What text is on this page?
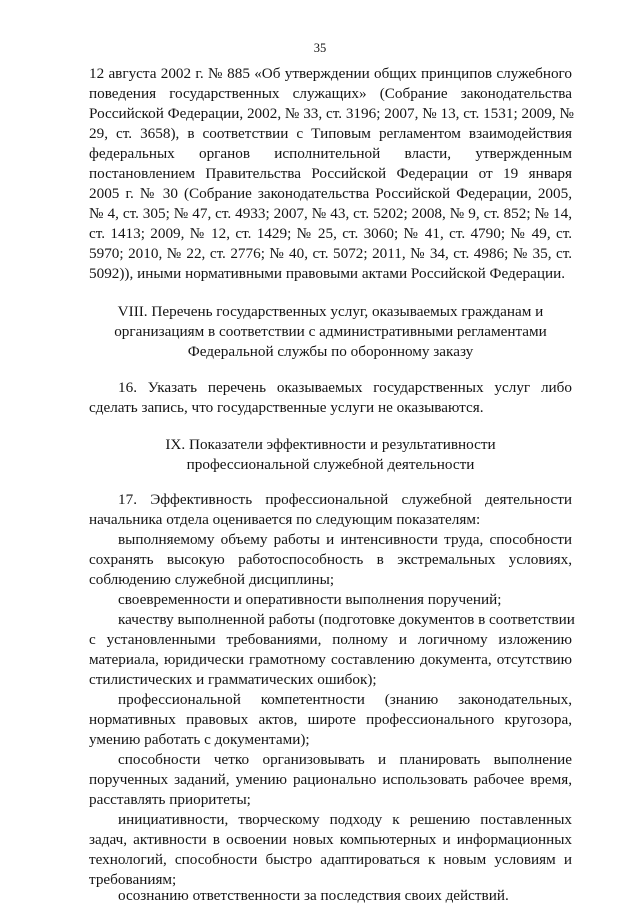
35
12 августа 2002 г. № 885 «Об утверждении общих принципов служебного
поведения государственных служащих» (Собрание законодательства
Российской Федерации, 2002, № 33, ст. 3196; 2007, № 13, ст. 1531; 2009, №
29, ст. 3658), в соответствии с Типовым регламентом взаимодействия
федеральных органов исполнительной власти, утвержденным
постановлением Правительства Российской Федерации от 19 января
2005 г. № 30 (Собрание законодательства Российской Федерации, 2005,
№ 4, ст. 305; № 47, ст. 4933; 2007, № 43, ст. 5202; 2008, № 9, ст. 852; № 14,
ст. 1413; 2009, № 12, ст. 1429; № 25, ст. 3060; № 41, ст. 4790; № 49, ст.
5970; 2010, № 22, ст. 2776; № 40, ст. 5072; 2011, № 34, ст. 4986; № 35, ст.
5092)), иными нормативными правовыми актами Российской Федерации.
VIII. Перечень государственных услуг, оказываемых гражданам и
организациям в соответствии с административными регламентами
Федеральной службы по оборонному заказу
16. Указать перечень оказываемых государственных услуг либо
сделать запись, что государственные услуги не оказываются.
IX. Показатели эффективности и результативности
профессиональной служебной деятельности
17. Эффективность профессиональной служебной деятельности
начальника отдела оценивается по следующим показателям:
выполняемому объему работы и интенсивности труда, способности
сохранять высокую работоспособность в экстремальных условиях,
соблюдению служебной дисциплины;
своевременности и оперативности выполнения поручений;
качеству выполненной работы (подготовке документов в соответствии
с установленными требованиями, полному и логичному изложению
материала, юридически грамотному составлению документа, отсутствию
стилистических и грамматических ошибок);
профессиональной компетентности (знанию законодательных,
нормативных правовых актов, широте профессионального кругозора,
умению работать с документами);
способности четко организовывать и планировать выполнение
порученных заданий, умению рационально использовать рабочее время,
расставлять приоритеты;
инициативности, творческому подходу к решению поставленных
задач, активности в освоении новых компьютерных и информационных
технологий, способности быстро адаптироваться к новым условиям и
требованиям;
осознанию ответственности за последствия своих действий.
